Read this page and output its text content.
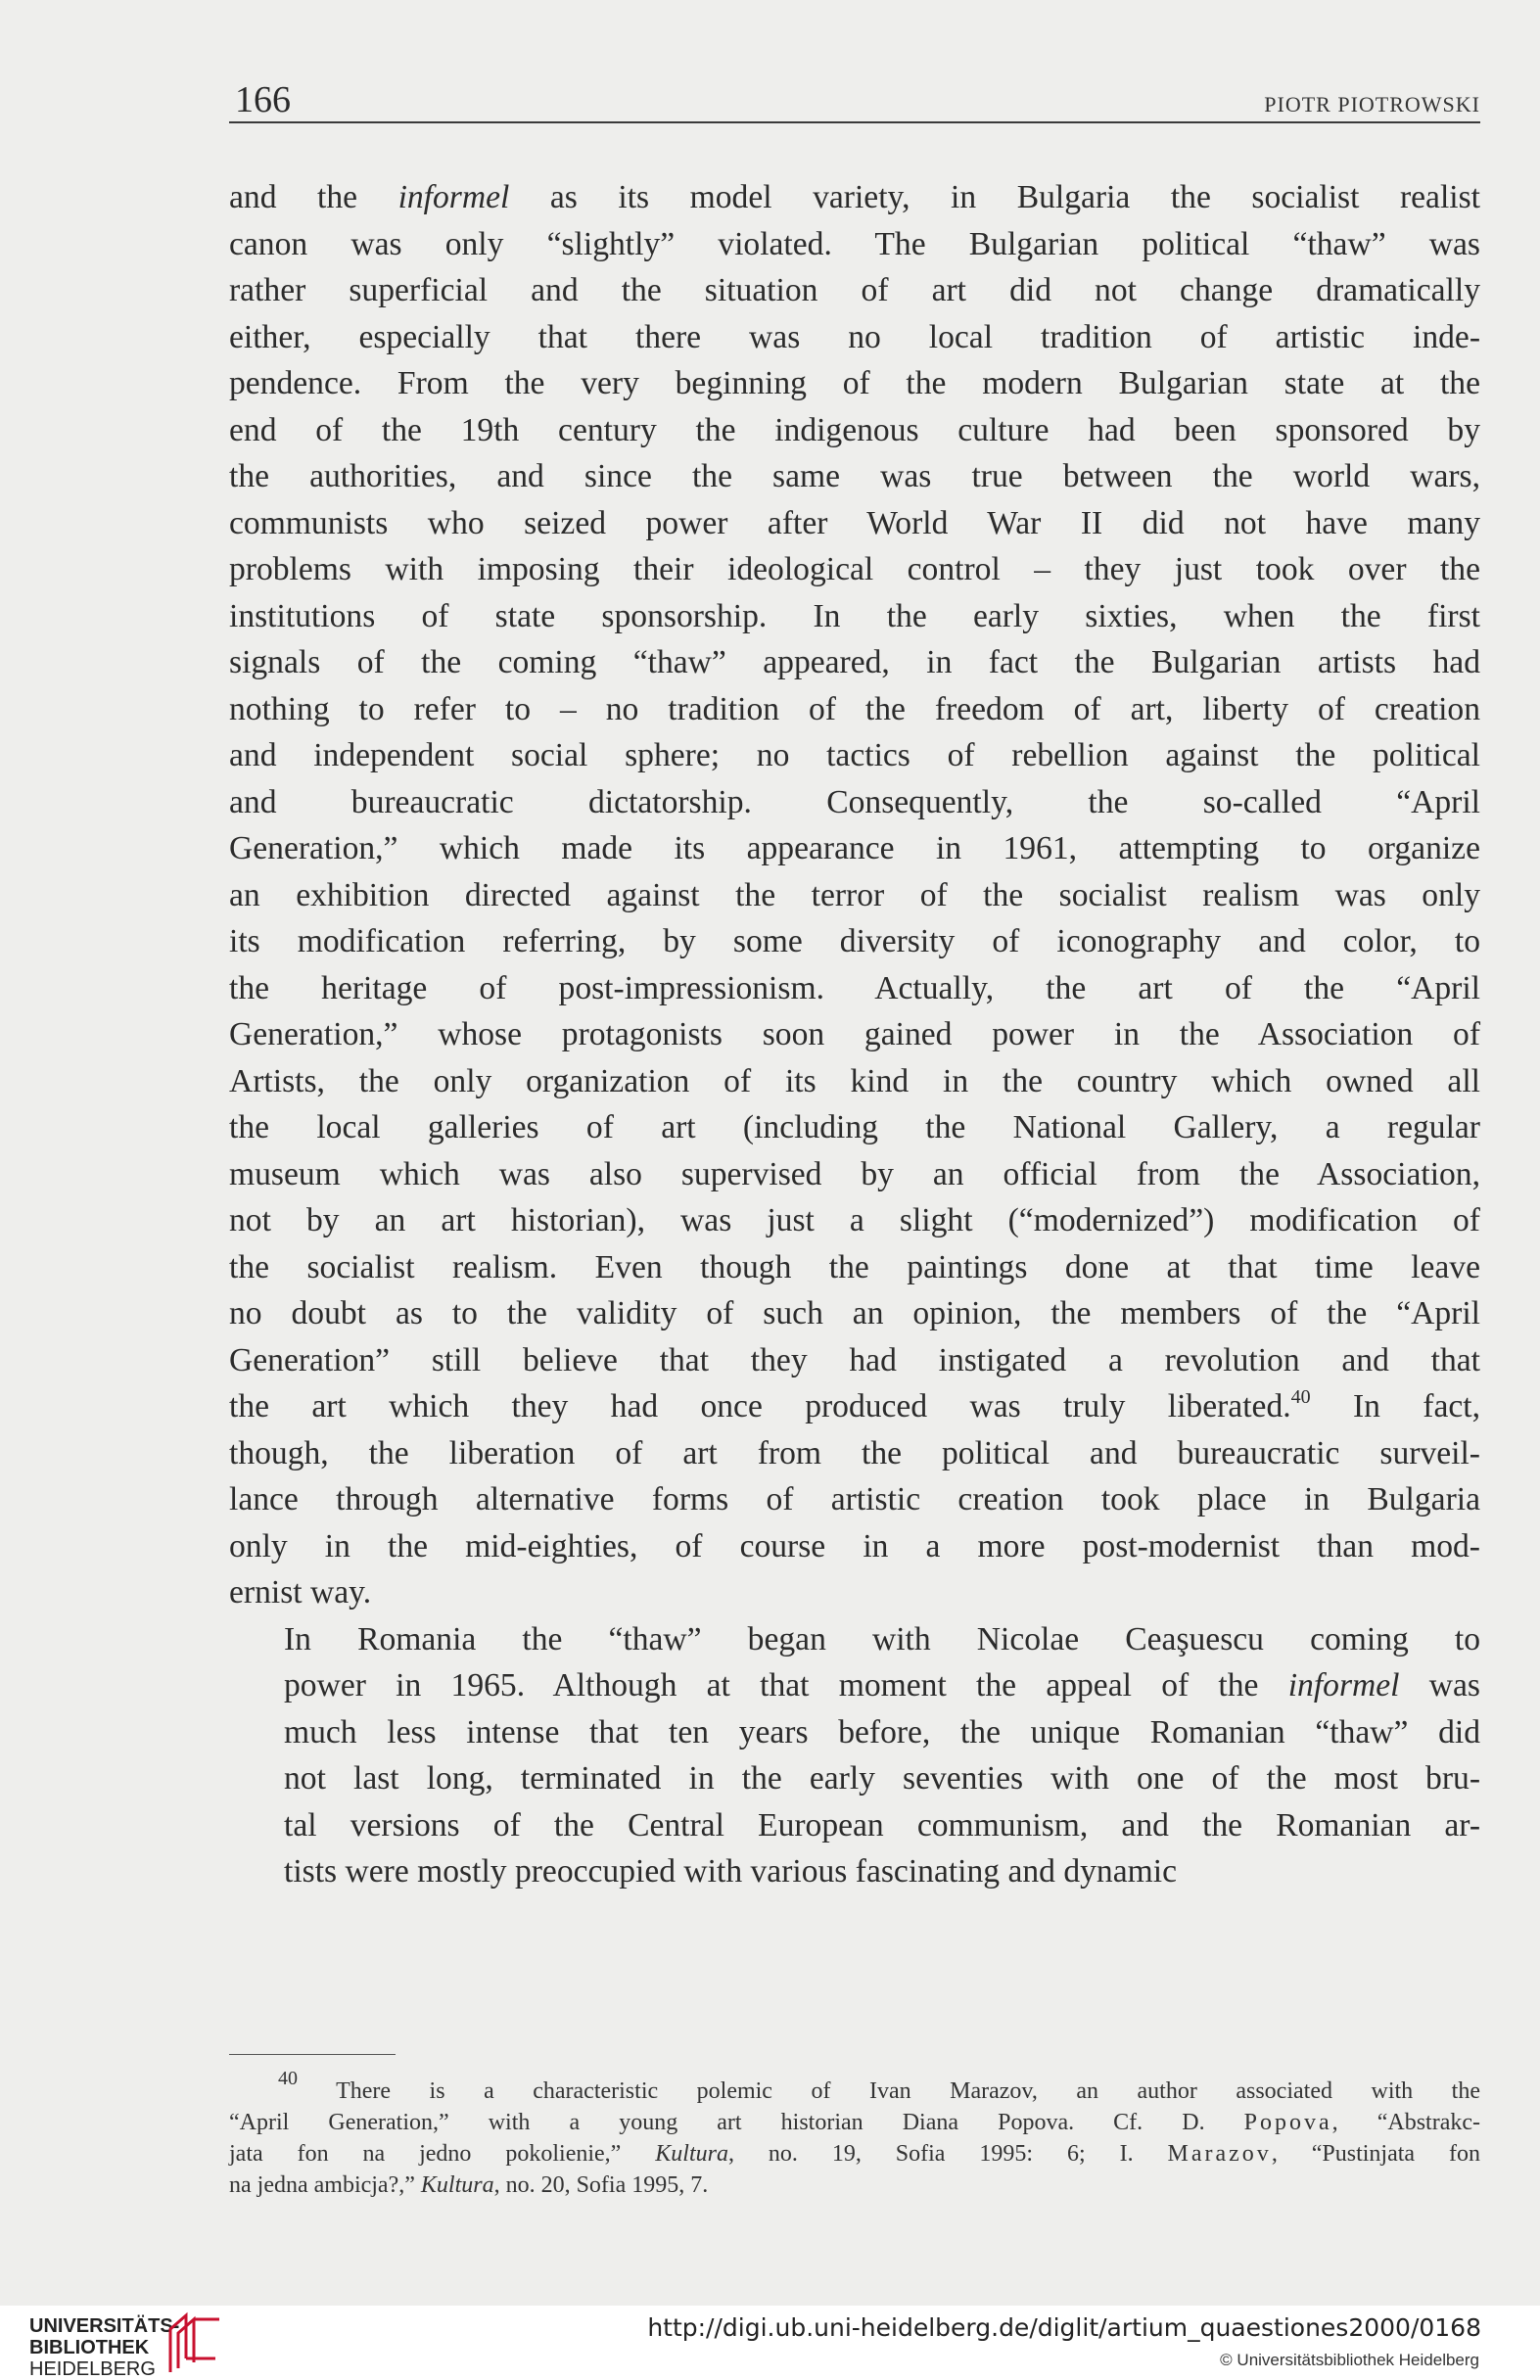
166	PIOTR PIOTROWSKI

and the informel as its model variety, in Bulgaria the socialist realist
canon was only “slightly” violated. The Bulgarian political “thaw” was
rather superficial and the situation of art did not change dramatically
either, especially that there was no local tradition of artistic inde-
pendence. From the very beginning of the modern Bulgarian state at the
end of the 19th century the indigenous culture had been sponsored by
the authorities, and since the same was true between the world wars,
communists who seized power after World War II did not have many
problems with imposing their ideological control – they just took over the
institutions of state sponsorship. In the early sixties, when the first
signals of the coming “thaw” appeared, in fact the Bulgarian artists had
nothing to refer to – no tradition of the freedom of art, liberty of creation
and independent social sphere; no tactics of rebellion against the political
and bureaucratic dictatorship. Consequently, the so-called “April
Generation,” which made its appearance in 1961, attempting to organize
an exhibition directed against the terror of the socialist realism was only
its modification referring, by some diversity of iconography and color, to
the heritage of post-impressionism. Actually, the art of the “April
Generation,” whose protagonists soon gained power in the Association of
Artists, the only organization of its kind in the country which owned all
the local galleries of art (including the National Gallery, a regular
museum which was also supervised by an official from the Association,
not by an art historian), was just a slight (“modernized”) modification of
the socialist realism. Even though the paintings done at that time leave
no doubt as to the validity of such an opinion, the members of the “April
Generation” still believe that they had instigated a revolution and that
the art which they had once produced was truly liberated.$^{40}$ In fact,
though, the liberation of art from the political and bureaucratic surveil-
lance through alternative forms of artistic creation took place in Bulgaria
only in the mid-eighties, of course in a more post-modernist than mod-
ernist way.

In Romania the “thaw” began with Nicolae Ceaşuescu coming to
power in 1965. Although at that moment the appeal of the informel was
much less intense that ten years before, the unique Romanian “thaw” did
not last long, terminated in the early seventies with one of the most bru-
tal versions of the Central European communism, and the Romanian ar-
tists were mostly preoccupied with various fascinating and dynamic

$^{40}$ There is a characteristic polemic of Ivan Marazov, an author associated with the
“April Generation,” with a young art historian Diana Popova. Cf. D. Popova, “Abstrakc-
jata fon na jedno pokolienie,” Kultura, no. 19, Sofia 1995: 6; I. Marazov, “Pustinjata fon
na jedna ambicja?,” Kultura, no. 20, Sofia 1995, 7.
UNIVERSITÄTS-
BIBLIOTHEK
HEIDELBERG
http://digi.ub.uni-heidelberg.de/diglit/artium_quaestiones2000/0168
© Universitätsbibliothek Heidelberg
